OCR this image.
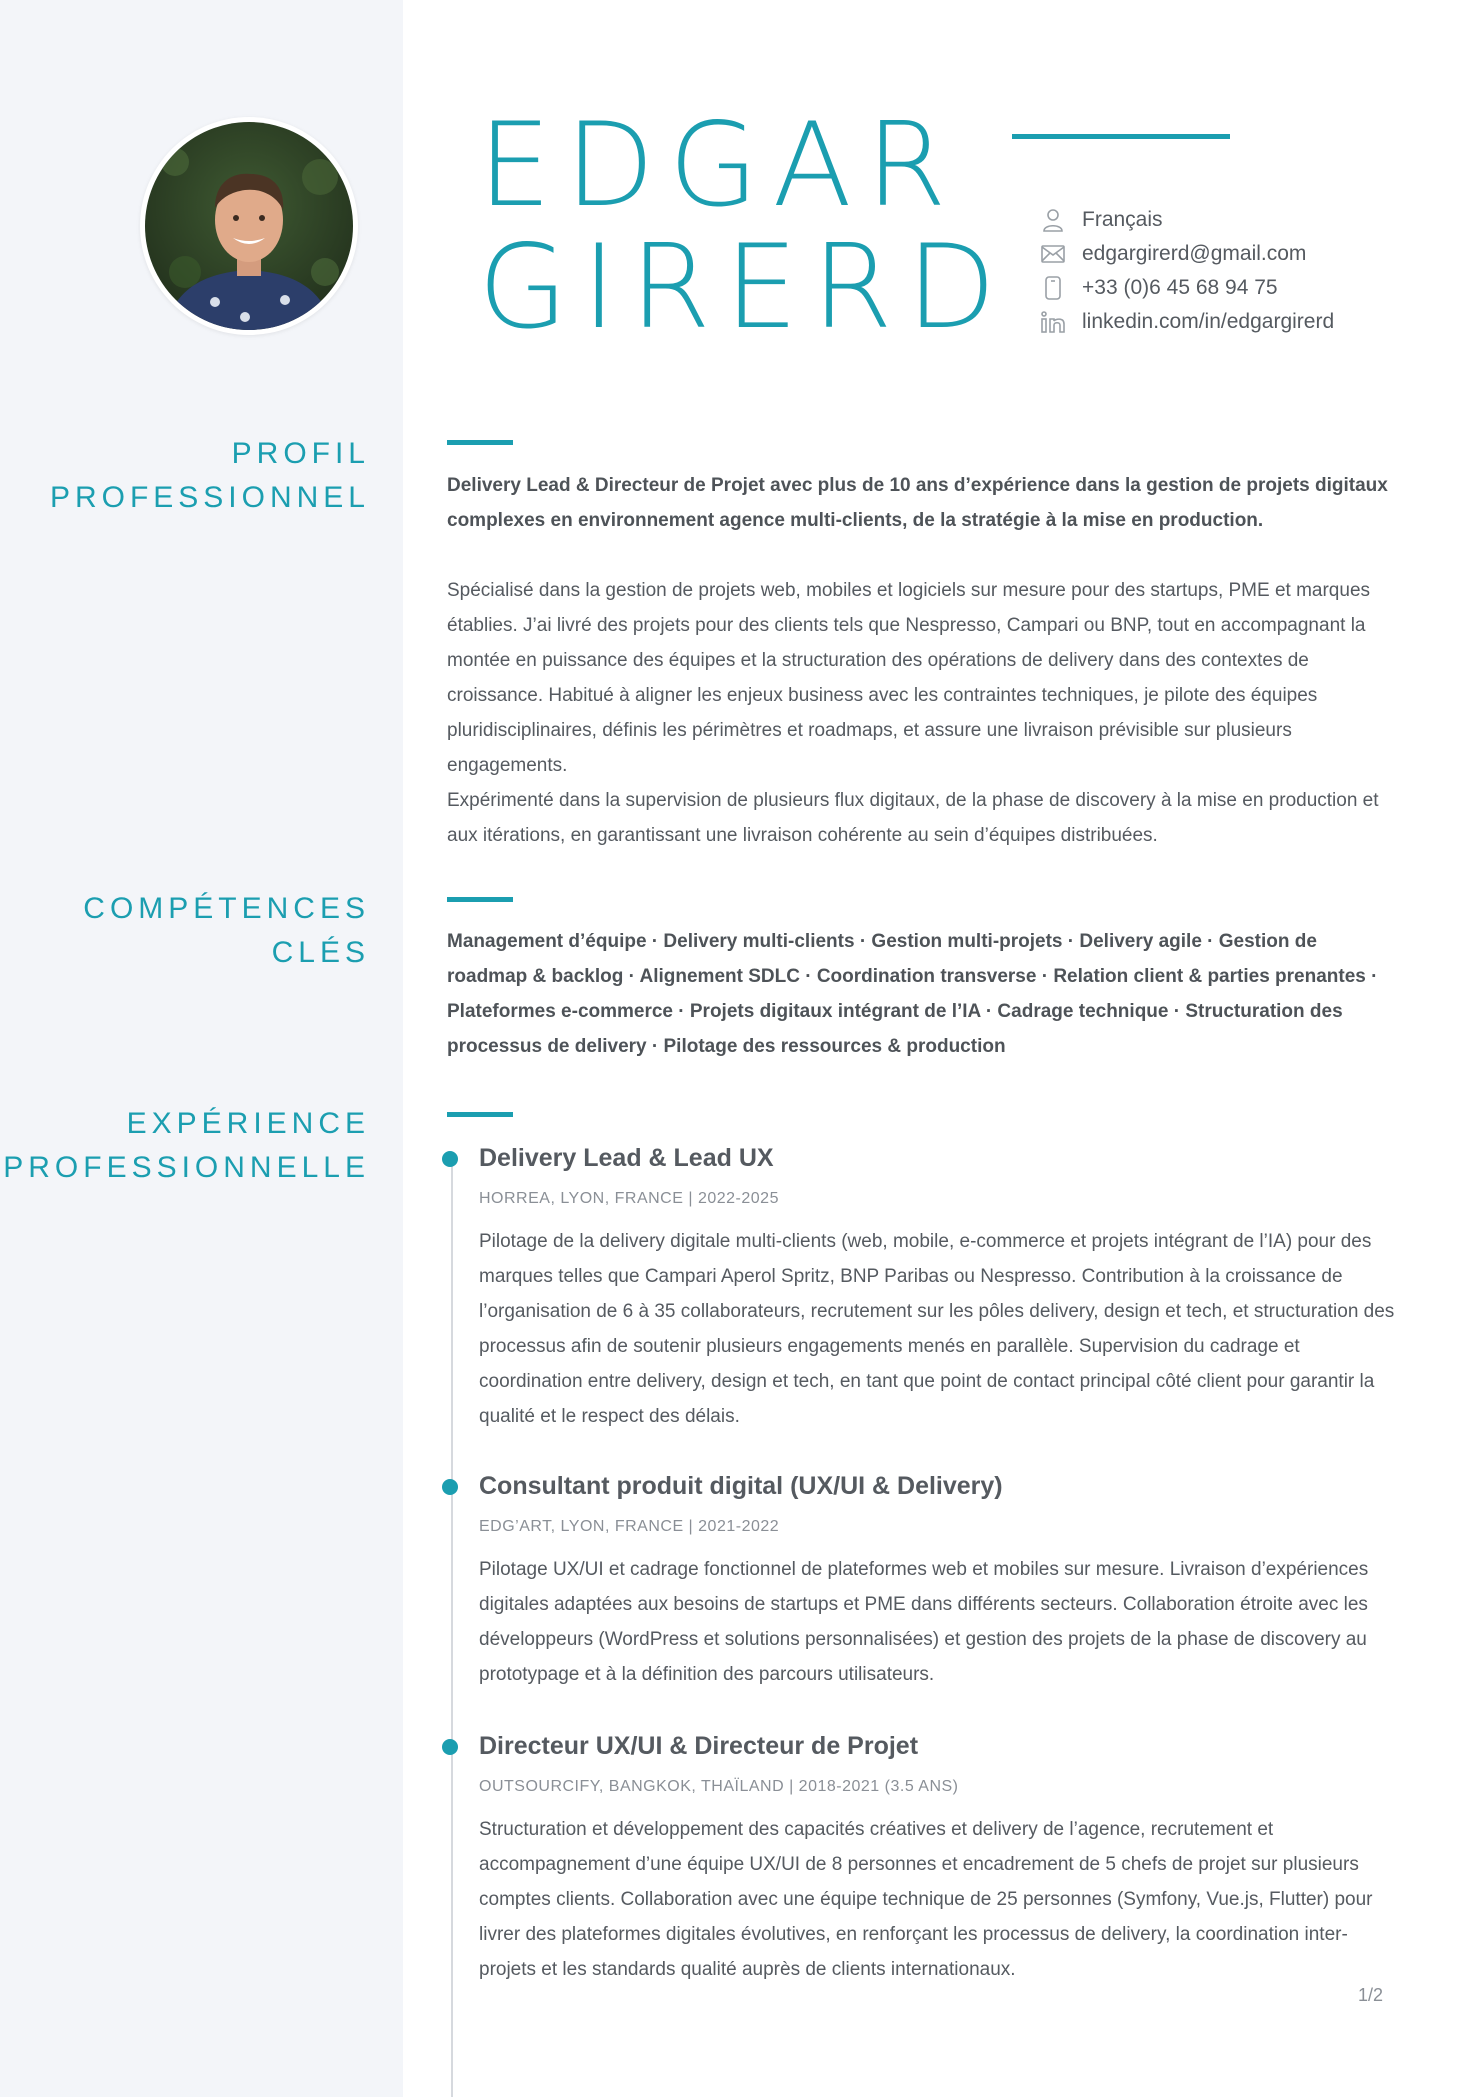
EDGAR
GIRERD
Français
edgargirerd@gmail.com
+33 (0)6 45 68 94 75
linkedin.com/in/edgargirerd
PROFIL
PROFESSIONNEL	Delivery Lead & Directeur de Projet avec plus de 10 ans d’expérience dans la gestion de projets digitaux complexes en environnement agence multi-clients, de la stratégie à la mise en production.

Spécialisé dans la gestion de projets web, mobiles et logiciels sur mesure pour des startups, PME et marques établies. J’ai livré des projets pour des clients tels que Nespresso, Campari ou BNP, tout en accompagnant la montée en puissance des équipes et la structuration des opérations de delivery dans des contextes de croissance. Habitué à aligner les enjeux business avec les contraintes techniques, je pilote des équipes pluridisciplinaires, définis les périmètres et roadmaps, et assure une livraison prévisible sur plusieurs engagements.

Expérimenté dans la supervision de plusieurs flux digitaux, de la phase de discovery à la mise en production et aux itérations, en garantissant une livraison cohérente au sein d’équipes distribuées.

COMPÉTENCES
CLÉS	Management d’équipe · Delivery multi-clients · Gestion multi-projets · Delivery agile · Gestion de roadmap & backlog · Alignement SDLC · Coordination transverse · Relation client & parties prenantes · Plateformes e-commerce · Projets digitaux intégrant de l’IA · Cadrage technique · Structuration des processus de delivery · Pilotage des ressources & production

EXPÉRIENCE
PROFESSIONNELLE	Delivery Lead & Lead UX
HORREA, LYON, FRANCE | 2022-2025
Pilotage de la delivery digitale multi-clients (web, mobile, e-commerce et projets intégrant de l’IA) pour des marques telles que Campari Aperol Spritz, BNP Paribas ou Nespresso. Contribution à la croissance de l’organisation de 6 à 35 collaborateurs, recrutement sur les pôles delivery, design et tech, et structuration des processus afin de soutenir plusieurs engagements menés en parallèle. Supervision du cadrage et coordination entre delivery, design et tech, en tant que point de contact principal côté client pour garantir la qualité et le respect des délais.
Consultant produit digital (UX/UI & Delivery)
EDG’ART, LYON, FRANCE | 2021-2022
Pilotage UX/UI et cadrage fonctionnel de plateformes web et mobiles sur mesure. Livraison d’expériences digitales adaptées aux besoins de startups et PME dans différents secteurs. Collaboration étroite avec les développeurs (WordPress et solutions personnalisées) et gestion des projets de la phase de discovery au prototypage et à la définition des parcours utilisateurs.
Directeur UX/UI & Directeur de Projet
OUTSOURCIFY, BANGKOK, THAÏLAND | 2018-2021 (3.5 ANS)
Structuration et développement des capacités créatives et delivery de l’agence, recrutement et accompagnement d’une équipe UX/UI de 8 personnes et encadrement de 5 chefs de projet sur plusieurs comptes clients. Collaboration avec une équipe technique de 25 personnes (Symfony, Vue.js, Flutter) pour livrer des plateformes digitales évolutives, en renforçant les processus de delivery, la coordination inter-projets et les standards qualité auprès de clients internationaux.
1/2
